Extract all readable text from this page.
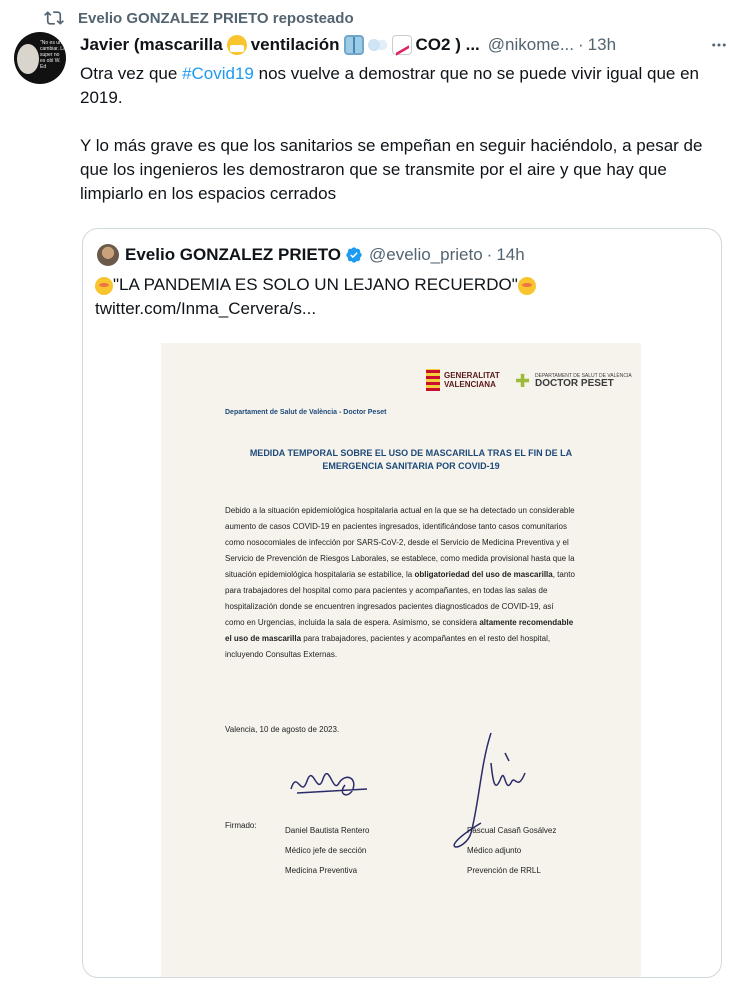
Evelio GONZALEZ PRIETO reposteado
"No es un cambiar. La super no es obl W. Ed
Javier (mascarilla ventilación	CO2 ) ... @nikome... · 13h

Otra vez que #Covid19 nos vuelve a demostrar que no se puede vivir igual que en 2019.

Y lo más grave es que los sanitarios se empeñan en seguir haciéndolo, a pesar de que los ingenieros les demostraron que se transmite por el aire y que hay que limpiarlo en los espacios cerrados

Evelio GONZALEZ PRIETO @evelio_prieto · 14h
"LA PANDEMIA ES SOLO UN LEJANO RECUERDO"
twitter.com/Inma_Cervera/s...
GENERALITAT
VALENCIANA ✚ DEPARTAMENT DE SALUT DE VALÈNCIA
DOCTOR PESET
Departament de Salut de València - Doctor Peset
MEDIDA TEMPORAL SOBRE EL USO DE MASCARILLA TRAS EL FIN DE LA EMERGENCIA SANITARIA POR COVID-19
Debido a la situación epidemiológica hospitalaria actual en la que se ha detectado un considerable aumento de casos COVID-19 en pacientes ingresados, identificándose tanto casos comunitarios como nosocomiales de infección por SARS-CoV-2, desde el Servicio de Medicina Preventiva y el Servicio de Prevención de Riesgos Laborales, se establece, como medida provisional hasta que la situación epidemiológica hospitalaria se estabilice, la obligatoriedad del uso de mascarilla, tanto para trabajadores del hospital como para pacientes y acompañantes, en todas las salas de hospitalización donde se encuentren ingresados pacientes diagnosticados de COVID-19, así como en Urgencias, incluida la sala de espera. Asimismo, se considera altamente recomendable el uso de mascarilla para trabajadores, pacientes y acompañantes en el resto del hospital, incluyendo Consultas Externas.
Valencia, 10 de agosto de 2023.
Firmado:
Daniel Bautista Rentero
Médico jefe de sección
Medicina Preventiva
Pascual Casañ Gosálvez
Médico adjunto
Prevención de RRLL
